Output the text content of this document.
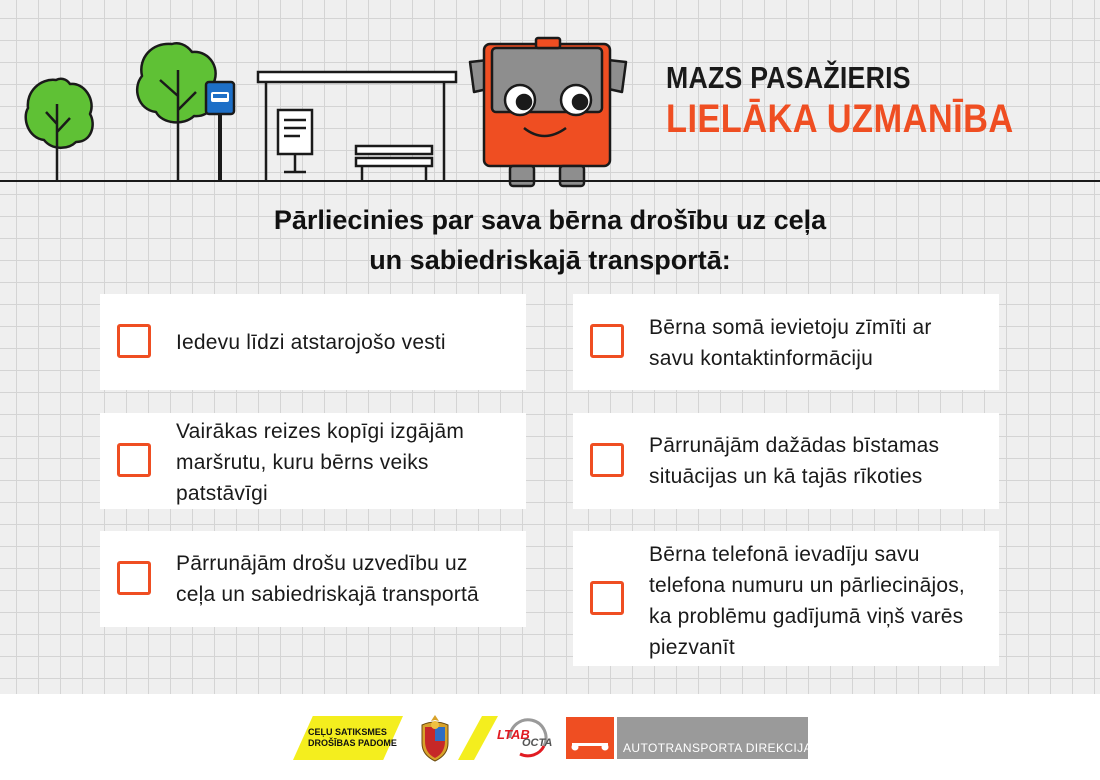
MAZS PASAŽIERIS
LIELĀKA UZMANĪBA
Pārliecinies par sava bērna drošību uz ceļa
un sabiedriskajā transportā:
Iedevu līdzi atstarojošo vesti
Bērna somā ievietoju zīmīti ar
savu kontaktinformāciju
Vairākas reizes kopīgi izgājām
maršrutu, kuru bērns veiks
patstāvīgi
Pārrunājām dažādas bīstamas
situācijas un kā tajās rīkoties
Pārrunājām drošu uzvedību uz
ceļa un sabiedriskajā transportā
Bērna telefonā ievadīju savu
telefona numuru un pārliecinājos,
ka problēmu gadījumā viņš varēs
piezvanīt
CEĻU SATIKSMES
DROŠĪBAS PADOME
LTAB
OCTA	AUTOTRANSPORTA DIREKCIJA
